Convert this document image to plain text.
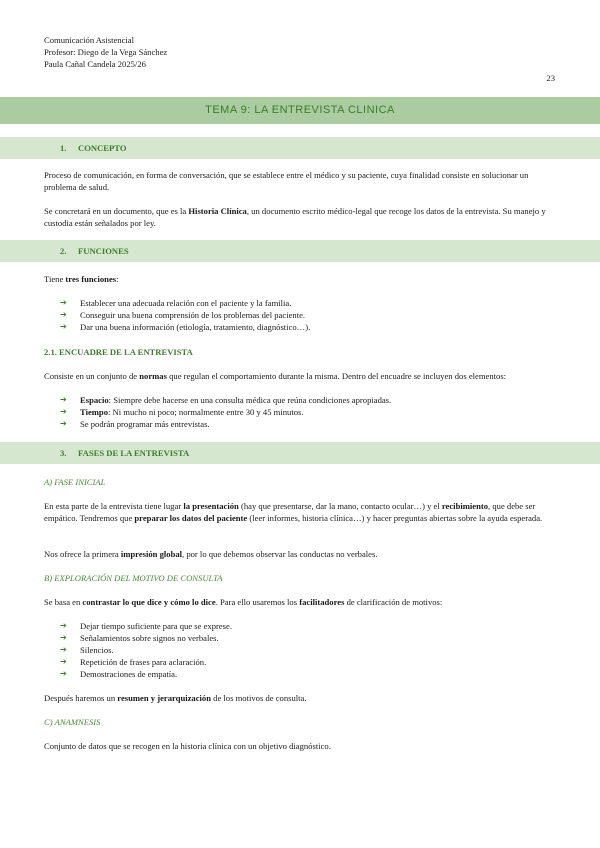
Comunicación Asistencial
Profesor: Diego de la Vega Sánchez
Paula Cañal Candela 2025/26
23
TEMA 9: LA ENTREVISTA CLINICA
1. CONCEPTO
Proceso de comunicación, en forma de conversación, que se establece entre el médico y su paciente, cuya finalidad consiste en solucionar un problema de salud.
Se concretará en un documento, que es la Historia Clínica, un documento escrito médico-legal que recoge los datos de la entrevista. Su manejo y custodia están señalados por ley.
2. FUNCIONES
Tiene tres funciones:
➔ Establecer una adecuada relación con el paciente y la familia.
➔ Conseguir una buena comprensión de los problemas del paciente.
➔ Dar una buena información (etiología, tratamiento, diagnóstico…).
2.1. ENCUADRE DE LA ENTREVISTA
Consiste en un conjunto de normas que regulan el comportamiento durante la misma. Dentro del encuadre se incluyen dos elementos:
➔ Espacio: Siempre debe hacerse en una consulta médica que reúna condiciones apropiadas.
➔ Tiempo: Ni mucho ni poco; normalmente entre 30 y 45 minutos.
➔ Se podrán programar más entrevistas.
3. FASES DE LA ENTREVISTA
A) FASE INICIAL
En esta parte de la entrevista tiene lugar la presentación (hay que presentarse, dar la mano, contacto ocular…) y el recibimiento, que debe ser empático. Tendremos que preparar los datos del paciente (leer informes, historia clínica…) y hacer preguntas abiertas sobre la ayuda esperada.
Nos ofrece la primera impresión global, por lo que debemos observar las conductas no verbales.
B) EXPLORACIÓN DEL MOTIVO DE CONSULTA
Se basa en contrastar lo que dice y cómo lo dice. Para ello usaremos los facilitadores de clarificación de motivos:
➔ Dejar tiempo suficiente para que se exprese.
➔ Señalamientos sobre signos no verbales.
➔ Silencios.
➔ Repetición de frases para aclaración.
➔ Demostraciones de empatía.
Después haremos un resumen y jerarquización de los motivos de consulta.
C) ANAMNESIS
Conjunto de datos que se recogen en la historia clínica con un objetivo diagnóstico.
